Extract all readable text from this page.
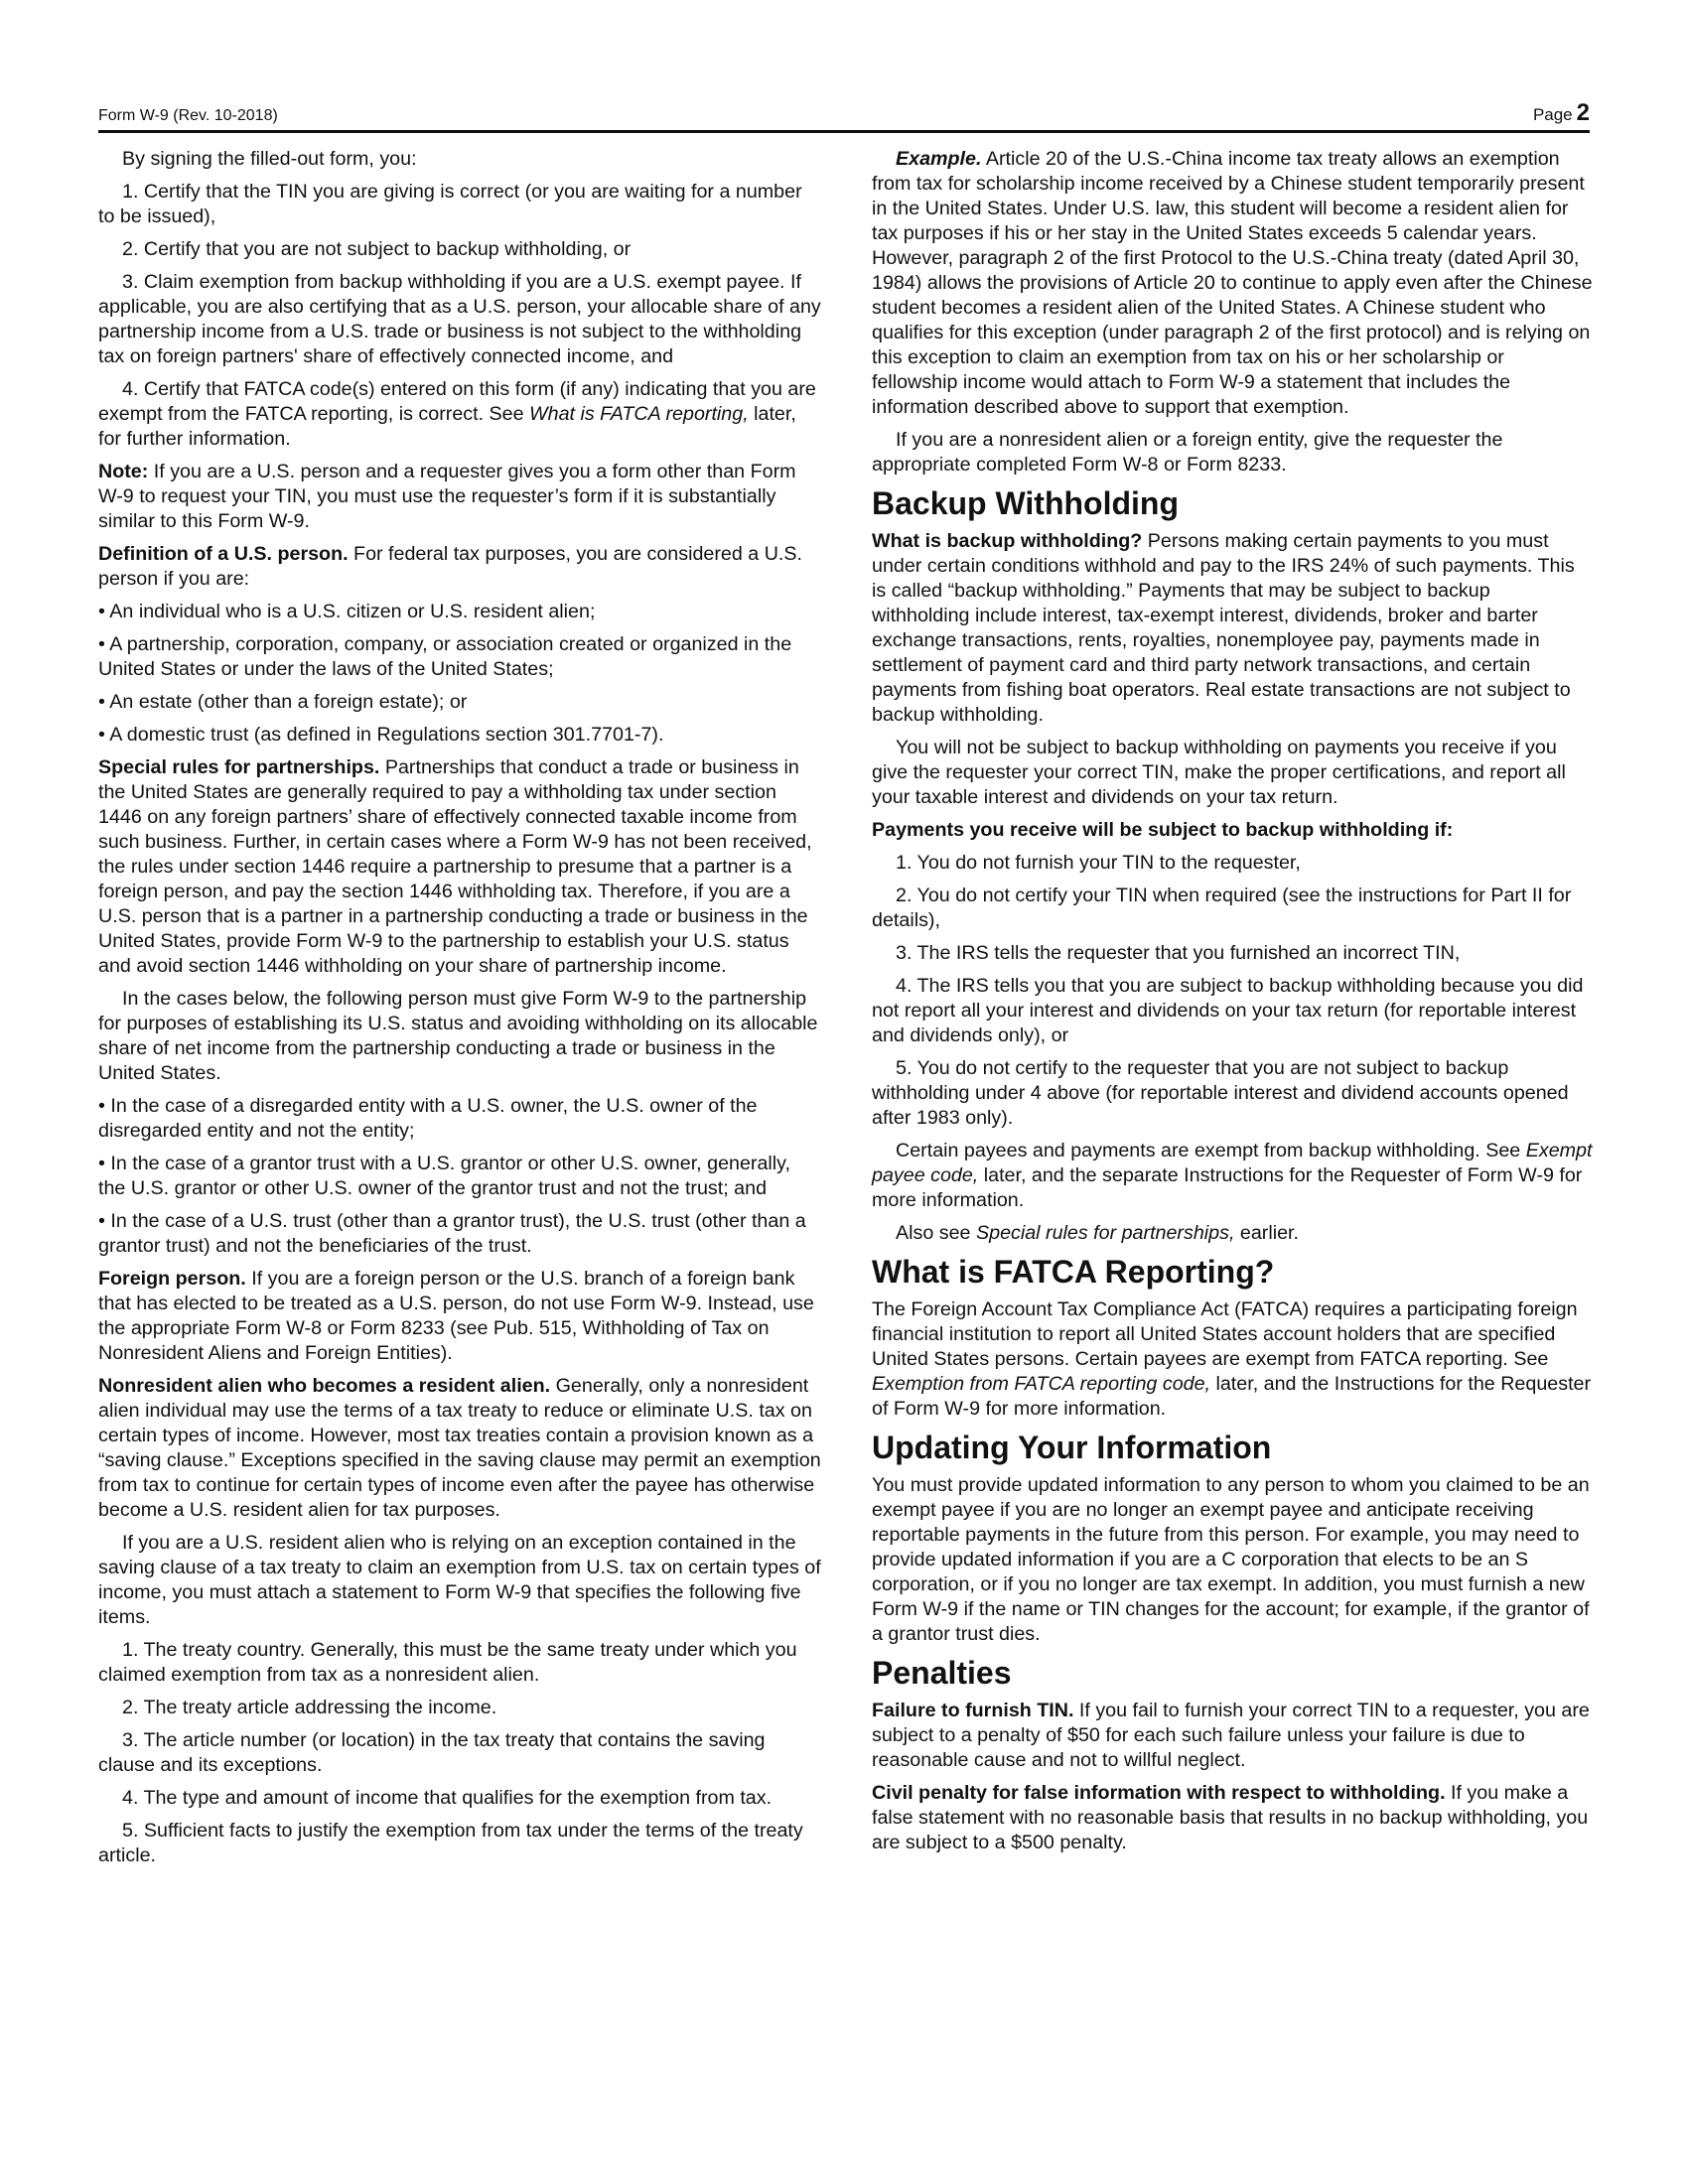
Form W-9 (Rev. 10-2018)	Page 2

By signing the filled-out form, you:

1. Certify that the TIN you are giving is correct (or you are waiting for a number to be issued),

2. Certify that you are not subject to backup withholding, or

3. Claim exemption from backup withholding if you are a U.S. exempt payee. If applicable, you are also certifying that as a U.S. person, your allocable share of any partnership income from a U.S. trade or business is not subject to the withholding tax on foreign partners' share of effectively connected income, and

4. Certify that FATCA code(s) entered on this form (if any) indicating that you are exempt from the FATCA reporting, is correct. See What is FATCA reporting, later, for further information.

Note: If you are a U.S. person and a requester gives you a form other than Form W-9 to request your TIN, you must use the requester’s form if it is substantially similar to this Form W-9.

Definition of a U.S. person. For federal tax purposes, you are considered a U.S. person if you are:

• An individual who is a U.S. citizen or U.S. resident alien;

• A partnership, corporation, company, or association created or organized in the United States or under the laws of the United States;

• An estate (other than a foreign estate); or

• A domestic trust (as defined in Regulations section 301.7701-7).

Special rules for partnerships. Partnerships that conduct a trade or business in the United States are generally required to pay a withholding tax under section 1446 on any foreign partners’ share of effectively connected taxable income from such business. Further, in certain cases where a Form W-9 has not been received, the rules under section 1446 require a partnership to presume that a partner is a foreign person, and pay the section 1446 withholding tax. Therefore, if you are a U.S. person that is a partner in a partnership conducting a trade or business in the United States, provide Form W-9 to the partnership to establish your U.S. status and avoid section 1446 withholding on your share of partnership income.

In the cases below, the following person must give Form W-9 to the partnership for purposes of establishing its U.S. status and avoiding withholding on its allocable share of net income from the partnership conducting a trade or business in the United States.

• In the case of a disregarded entity with a U.S. owner, the U.S. owner of the disregarded entity and not the entity;

• In the case of a grantor trust with a U.S. grantor or other U.S. owner, generally, the U.S. grantor or other U.S. owner of the grantor trust and not the trust; and

• In the case of a U.S. trust (other than a grantor trust), the U.S. trust (other than a grantor trust) and not the beneficiaries of the trust.

Foreign person. If you are a foreign person or the U.S. branch of a foreign bank that has elected to be treated as a U.S. person, do not use Form W-9. Instead, use the appropriate Form W-8 or Form 8233 (see Pub. 515, Withholding of Tax on Nonresident Aliens and Foreign Entities).

Nonresident alien who becomes a resident alien. Generally, only a nonresident alien individual may use the terms of a tax treaty to reduce or eliminate U.S. tax on certain types of income. However, most tax treaties contain a provision known as a “saving clause.” Exceptions specified in the saving clause may permit an exemption from tax to continue for certain types of income even after the payee has otherwise become a U.S. resident alien for tax purposes.

If you are a U.S. resident alien who is relying on an exception contained in the saving clause of a tax treaty to claim an exemption from U.S. tax on certain types of income, you must attach a statement to Form W-9 that specifies the following five items.

1. The treaty country. Generally, this must be the same treaty under which you claimed exemption from tax as a nonresident alien.

2. The treaty article addressing the income.

3. The article number (or location) in the tax treaty that contains the saving clause and its exceptions.

4. The type and amount of income that qualifies for the exemption from tax.

5. Sufficient facts to justify the exemption from tax under the terms of the treaty article.

Example. Article 20 of the U.S.-China income tax treaty allows an exemption from tax for scholarship income received by a Chinese student temporarily present in the United States. Under U.S. law, this student will become a resident alien for tax purposes if his or her stay in the United States exceeds 5 calendar years. However, paragraph 2 of the first Protocol to the U.S.-China treaty (dated April 30, 1984) allows the provisions of Article 20 to continue to apply even after the Chinese student becomes a resident alien of the United States. A Chinese student who qualifies for this exception (under paragraph 2 of the first protocol) and is relying on this exception to claim an exemption from tax on his or her scholarship or fellowship income would attach to Form W-9 a statement that includes the information described above to support that exemption.

If you are a nonresident alien or a foreign entity, give the requester the appropriate completed Form W-8 or Form 8233.

Backup Withholding

What is backup withholding? Persons making certain payments to you must under certain conditions withhold and pay to the IRS 24% of such payments. This is called “backup withholding.” Payments that may be subject to backup withholding include interest, tax-exempt interest, dividends, broker and barter exchange transactions, rents, royalties, nonemployee pay, payments made in settlement of payment card and third party network transactions, and certain payments from fishing boat operators. Real estate transactions are not subject to backup withholding.

You will not be subject to backup withholding on payments you receive if you give the requester your correct TIN, make the proper certifications, and report all your taxable interest and dividends on your tax return.

Payments you receive will be subject to backup withholding if:

1. You do not furnish your TIN to the requester,

2. You do not certify your TIN when required (see the instructions for Part II for details),

3. The IRS tells the requester that you furnished an incorrect TIN,

4. The IRS tells you that you are subject to backup withholding because you did not report all your interest and dividends on your tax return (for reportable interest and dividends only), or

5. You do not certify to the requester that you are not subject to backup withholding under 4 above (for reportable interest and dividend accounts opened after 1983 only).

Certain payees and payments are exempt from backup withholding. See Exempt payee code, later, and the separate Instructions for the Requester of Form W-9 for more information.

Also see Special rules for partnerships, earlier.

What is FATCA Reporting?

The Foreign Account Tax Compliance Act (FATCA) requires a participating foreign financial institution to report all United States account holders that are specified United States persons. Certain payees are exempt from FATCA reporting. See Exemption from FATCA reporting code, later, and the Instructions for the Requester of Form W-9 for more information.

Updating Your Information

You must provide updated information to any person to whom you claimed to be an exempt payee if you are no longer an exempt payee and anticipate receiving reportable payments in the future from this person. For example, you may need to provide updated information if you are a C corporation that elects to be an S corporation, or if you no longer are tax exempt. In addition, you must furnish a new Form W-9 if the name or TIN changes for the account; for example, if the grantor of a grantor trust dies.

Penalties

Failure to furnish TIN. If you fail to furnish your correct TIN to a requester, you are subject to a penalty of $50 for each such failure unless your failure is due to reasonable cause and not to willful neglect.

Civil penalty for false information with respect to withholding. If you make a false statement with no reasonable basis that results in no backup withholding, you are subject to a $500 penalty.
